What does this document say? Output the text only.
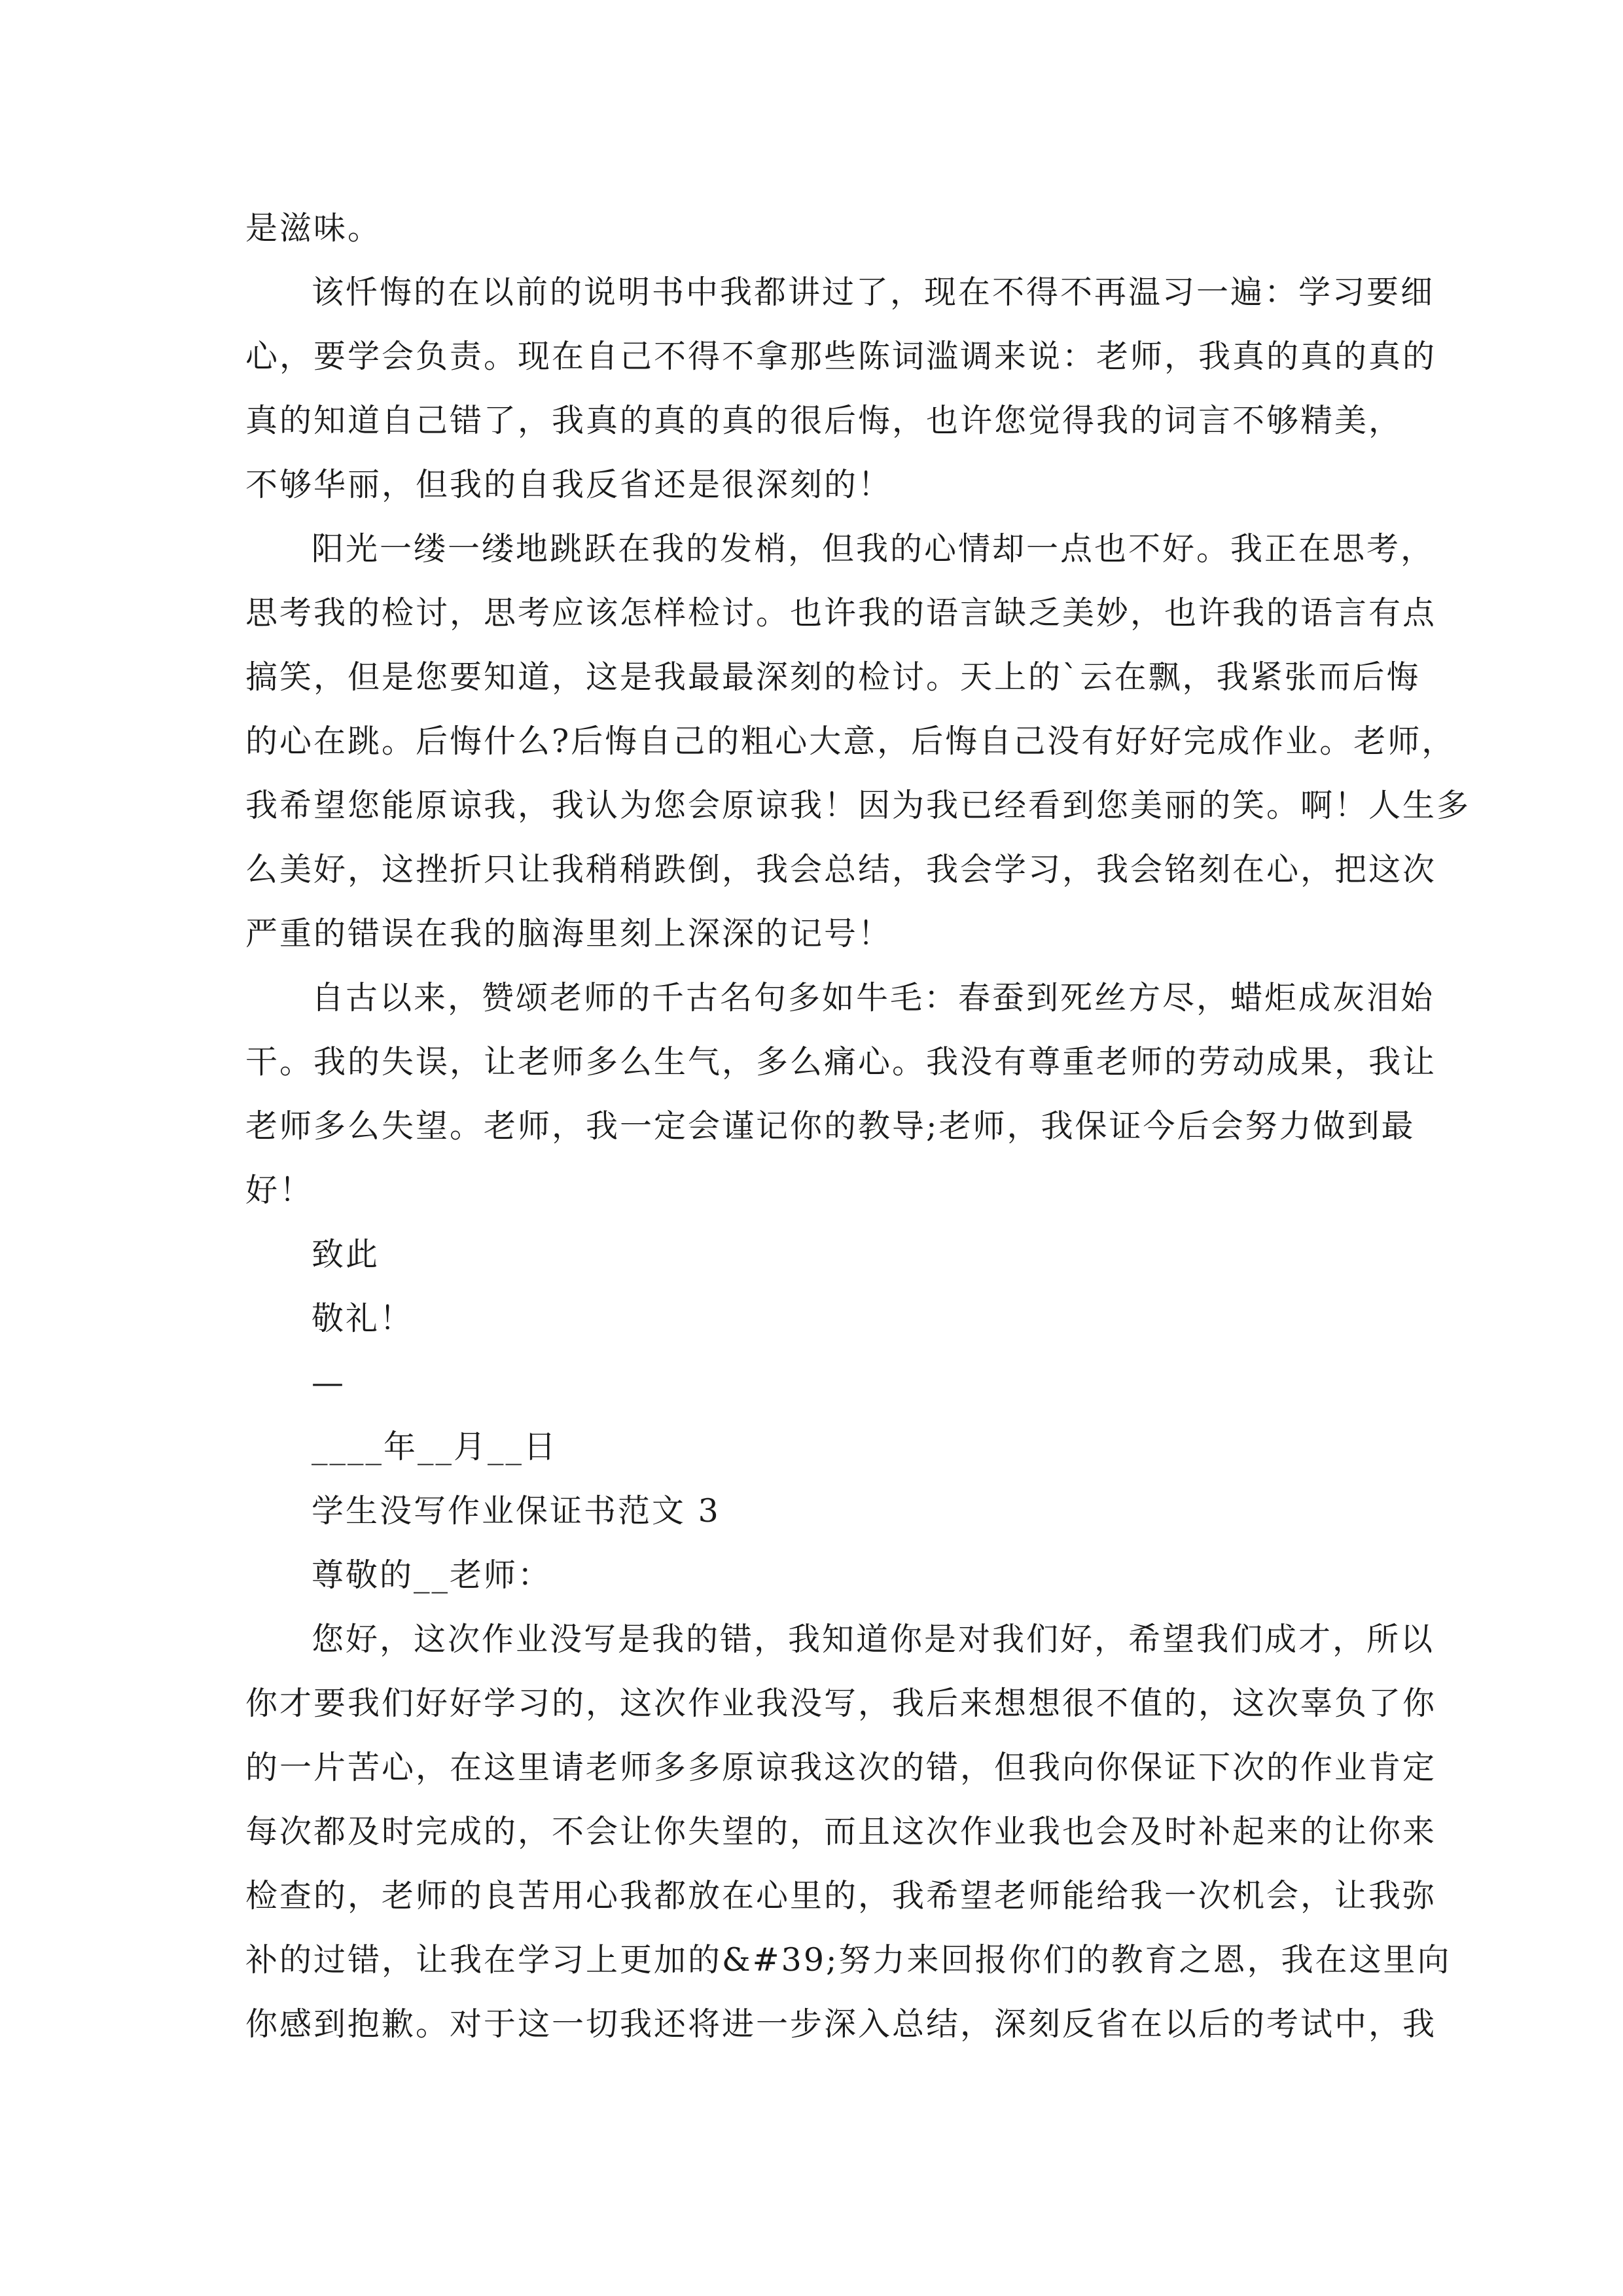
是滋味。
该忏悔的在以前的说明书中我都讲过了，现在不得不再温习一遍：学习要细
心，要学会负责。现在自己不得不拿那些陈词滥调来说：老师，我真的真的真的
真的知道自己错了，我真的真的真的很后悔，也许您觉得我的词言不够精美，
不够华丽，但我的自我反省还是很深刻的！
阳光一缕一缕地跳跃在我的发梢，但我的心情却一点也不好。我正在思考，
思考我的检讨，思考应该怎样检讨。也许我的语言缺乏美妙，也许我的语言有点
搞笑，但是您要知道，这是我最最深刻的检讨。天上的`云在飘，我紧张而后悔
的心在跳。后悔什么?后悔自己的粗心大意，后悔自己没有好好完成作业。老师，
我希望您能原谅我，我认为您会原谅我！因为我已经看到您美丽的笑。啊！人生多
么美好，这挫折只让我稍稍跌倒，我会总结，我会学习，我会铭刻在心，把这次
严重的错误在我的脑海里刻上深深的记号！
自古以来，赞颂老师的千古名句多如牛毛：春蚕到死丝方尽，蜡炬成灰泪始
干。我的失误，让老师多么生气，多么痛心。我没有尊重老师的劳动成果，我让
老师多么失望。老师，我一定会谨记你的教导;老师，我保证今后会努力做到最
好！
致此
敬礼！
—
____年__月__日
学生没写作业保证书范文 3
尊敬的__老师：
您好，这次作业没写是我的错，我知道你是对我们好，希望我们成才，所以
你才要我们好好学习的，这次作业我没写，我后来想想很不值的，这次辜负了你
的一片苦心，在这里请老师多多原谅我这次的错，但我向你保证下次的作业肯定
每次都及时完成的，不会让你失望的，而且这次作业我也会及时补起来的让你来
检查的，老师的良苦用心我都放在心里的，我希望老师能给我一次机会，让我弥
补的过错，让我在学习上更加的&#39;努力来回报你们的教育之恩，我在这里向
你感到抱歉。对于这一切我还将进一步深入总结，深刻反省在以后的考试中，我
